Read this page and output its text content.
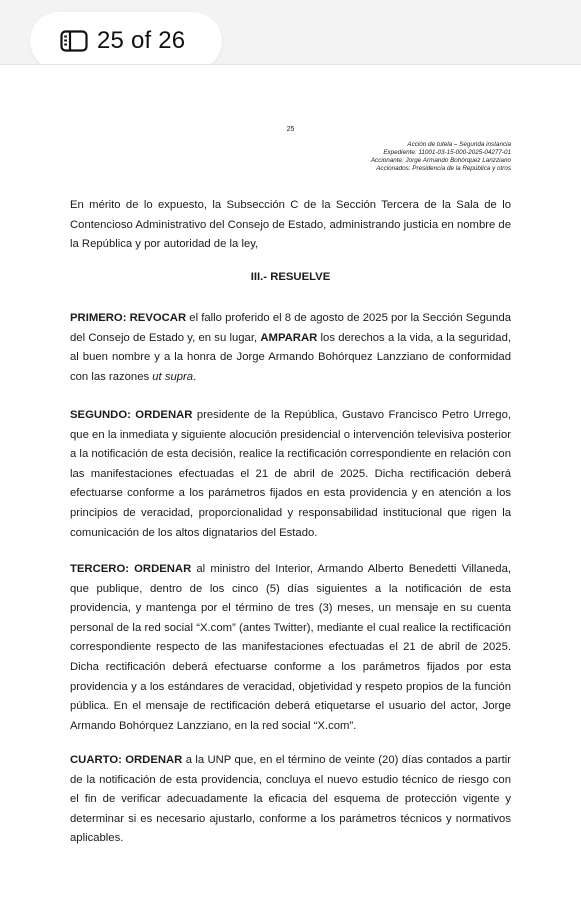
25 of 26
25
Acción de tutela – Segunda instancia
Expediente: 11001-03-15-000-2025-04277-01
Accionante: Jorge Armando Bohórquez Lanzziano
Accionados: Presidencia de la República y otros
En mérito de lo expuesto, la Subsección C de la Sección Tercera de la Sala de lo Contencioso Administrativo del Consejo de Estado, administrando justicia en nombre de la República y por autoridad de la ley,
III.- RESUELVE
PRIMERO: REVOCAR el fallo proferido el 8 de agosto de 2025 por la Sección Segunda del Consejo de Estado y, en su lugar, AMPARAR los derechos a la vida, a la seguridad, al buen nombre y a la honra de Jorge Armando Bohórquez Lanzziano de conformidad con las razones ut supra.
SEGUNDO: ORDENAR presidente de la República, Gustavo Francisco Petro Urrego, que en la inmediata y siguiente alocución presidencial o intervención televisiva posterior a la notificación de esta decisión, realice la rectificación correspondiente en relación con las manifestaciones efectuadas el 21 de abril de 2025. Dicha rectificación deberá efectuarse conforme a los parámetros fijados en esta providencia y en atención a los principios de veracidad, proporcionalidad y responsabilidad institucional que rigen la comunicación de los altos dignatarios del Estado.
TERCERO: ORDENAR al ministro del Interior, Armando Alberto Benedetti Villaneda, que publique, dentro de los cinco (5) días siguientes a la notificación de esta providencia, y mantenga por el término de tres (3) meses, un mensaje en su cuenta personal de la red social “X.com” (antes Twitter), mediante el cual realice la rectificación correspondiente respecto de las manifestaciones efectuadas el 21 de abril de 2025. Dicha rectificación deberá efectuarse conforme a los parámetros fijados por esta providencia y a los estándares de veracidad, objetividad y respeto propios de la función pública. En el mensaje de rectificación deberá etiquetarse el usuario del actor, Jorge Armando Bohórquez Lanzziano, en la red social “X.com”.
CUARTO: ORDENAR a la UNP que, en el término de veinte (20) días contados a partir de la notificación de esta providencia, concluya el nuevo estudio técnico de riesgo con el fin de verificar adecuadamente la eficacia del esquema de protección vigente y determinar si es necesario ajustarlo, conforme a los parámetros técnicos y normativos aplicables.
